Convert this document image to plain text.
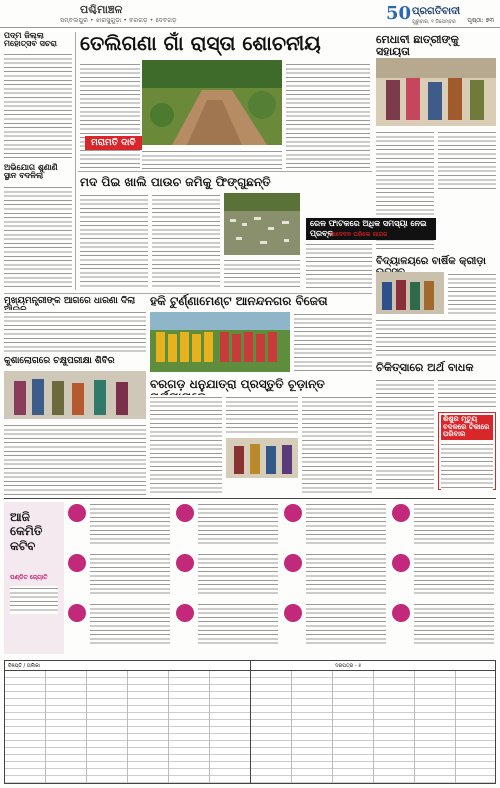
ପଶ୍ଚିମାଞ୍ଚଳ
ସମ୍ବଲପୁର • ଝାରସୁଗୁଡ଼ା • ବରଗଡ଼ • ଦେବଗଡ଼	50 ପ୍ରଗତିବାଦୀ
ଗୁରୁବାର, ୧ ଡିସେମ୍ବର ପୃଷ୍ଠା: ୭୩
ପଦ୍ମ ଜିଲ୍ଲା ମହୋତ୍ସବ ସଚରା
ଅଭିଯୋଗ ଶୁଣାଣି ସ୍ଥାନ ବଦଳିଲା
ତେଲିଗଣା ଗାଁ ରାସ୍ତା ଶୋଚନୀୟ
ମରାମତି ଦାବି
ମେଧାବୀ ଛାତ୍ରୀଙ୍କୁ ସହାୟତା
ମଦ ପିଇ ଖାଲି ପାଉଚ ଜମିକୁ ଫିଙ୍ଗୁଛନ୍ତି
ରେଳ ଫାଟକରେ ଅଧିକ ସମସ୍ୟା ନେଇ ପ୍ରବ୍ଳ
ଆବେଦନ ପରିଲେ ଗାରଜ
ବିଦ୍ୟାଳୟରେ ବାର୍ଷିକ କ୍ରୀଡ଼ା
ମୁଖ୍ୟମନ୍ତ୍ରୀଙ୍କ ଆଗରେ ଧାରଣା ଦିଲା	ହକି ଟୁର୍ଣ୍ଣାମେଣ୍ଟ ଆନନ୍ଦନଗର ବିଜେତା
କୁଶାଲୋଗରେ ଚକ୍ଷୁପରୀକ୍ଷା ଶିବିର	ଚିକିତ୍ସାରେ ଅର୍ଥ ବାଧକ
ଶିଶୁର ମୃତ୍ୟୁ ବଦଳରେ ଟିକାରେ ପରିବାର
ବରଗଡ଼ ଧନୁଯାତ୍ରା ପ୍ରସ୍ତୁତି ଚୂଡ଼ାନ୍ତ
ଆଜି କେମିତି କଟିବ
ପଣ୍ଡିତ ଜ୍ୟୋତି
ବିଜ୍ଞପ୍ତି / ତାଲିକା	ଦରପତ୍ର - ୫
